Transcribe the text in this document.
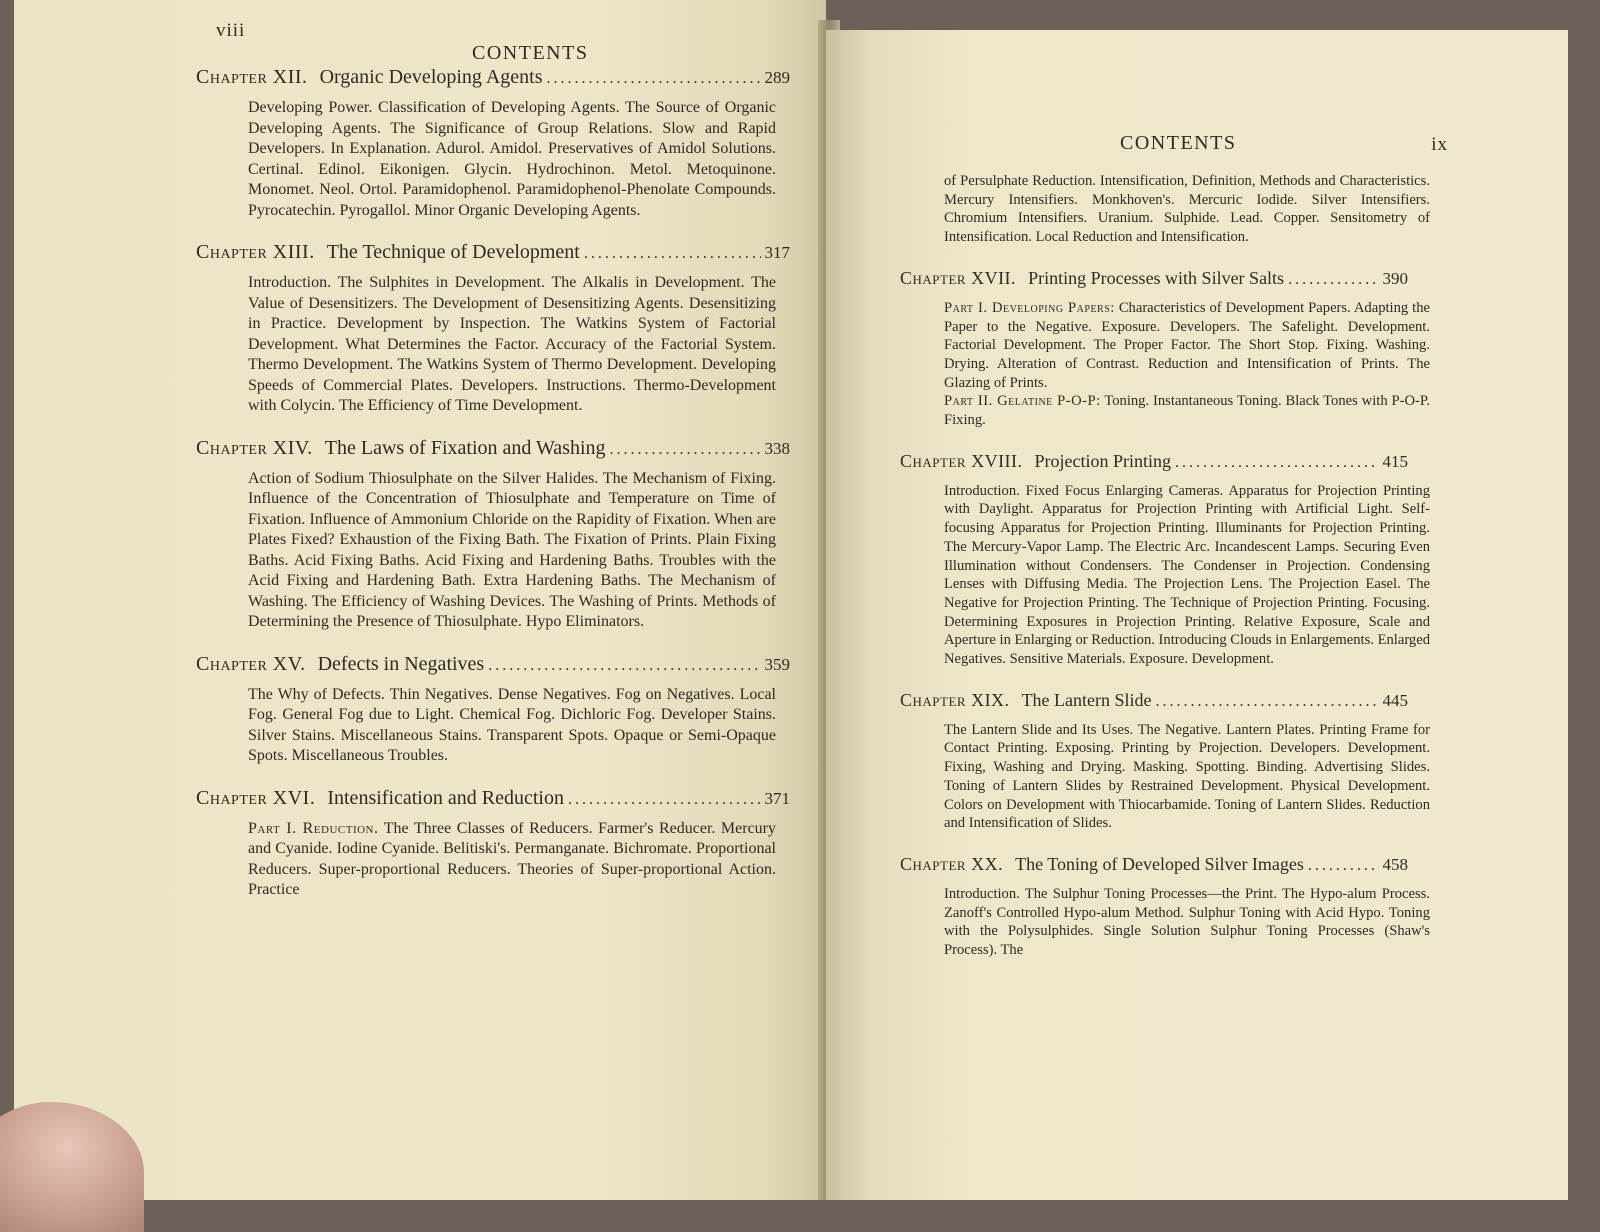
viii
CONTENTS
Chapter XII. Organic Developing Agents .....	289
Developing Power. Classification of Developing Agents. The Source of Organic Developing Agents. The Significance of Group Relations. Slow and Rapid Developers. In Explanation. Adurol. Amidol. Preservatives of Amidol Solutions. Certinal. Edinol. Eikonigen. Glycin. Hydrochinon. Metol. Metoquinone. Monomet. Neol. Ortol. Paramidophenol. Paramidophenol-Phenolate Compounds. Pyrocatechin. Pyrogallol. Minor Organic Developing Agents.
Chapter XIII. The Technique of Development .....	317
Introduction. The Sulphites in Development. The Alkalis in Development. The Value of Desensitizers. The Development of Desensitizing Agents. Desensitizing in Practice. Development by Inspection. The Watkins System of Factorial Development. What Determines the Factor. Accuracy of the Factorial System. Thermo Development. The Watkins System of Thermo Development. Developing Speeds of Commercial Plates. Developers. Instructions. Thermo-Development with Colycin. The Efficiency of Time Development.
Chapter XIV. The Laws of Fixation and Washing .....	338
Action of Sodium Thiosulphate on the Silver Halides. The Mechanism of Fixing. Influence of the Concentration of Thiosulphate and Temperature on Time of Fixation. Influence of Ammonium Chloride on the Rapidity of Fixation. When are Plates Fixed? Exhaustion of the Fixing Bath. The Fixation of Prints. Plain Fixing Baths. Acid Fixing Baths. Acid Fixing and Hardening Baths. Troubles with the Acid Fixing and Hardening Bath. Extra Hardening Baths. The Mechanism of Washing. The Efficiency of Washing Devices. The Washing of Prints. Methods of Determining the Presence of Thiosulphate. Hypo Eliminators.
Chapter XV. Defects in Negatives .....	359
The Why of Defects. Thin Negatives. Dense Negatives. Fog on Negatives. Local Fog. General Fog due to Light. Chemical Fog. Dichloric Fog. Developer Stains. Silver Stains. Miscellaneous Stains. Transparent Spots. Opaque or Semi-Opaque Spots. Miscellaneous Troubles.
Chapter XVI. Intensification and Reduction .....	371
Part I. Reduction. The Three Classes of Reducers. Farmer's Reducer. Mercury and Cyanide. Iodine Cyanide. Belitiski's. Permanganate. Bichromate. Proportional Reducers. Super-proportional Reducers. Theories of Super-proportional Action. Practice
CONTENTS	ix
of Persulphate Reduction. Intensification, Definition, Methods and Characteristics. Mercury Intensifiers. Monkhoven's. Mercuric Iodide. Silver Intensifiers. Chromium Intensifiers. Uranium. Sulphide. Lead. Copper. Sensitometry of Intensification. Local Reduction and Intensification.
Chapter XVII. Printing Processes with Silver Salts .....	390
Part I. Developing Papers: Characteristics of Development Papers. Adapting the Paper to the Negative. Exposure. Developers. The Safelight. Development. Factorial Development. The Proper Factor. The Short Stop. Fixing. Washing. Drying. Alteration of Contrast. Reduction and Intensification of Prints. The Glazing of Prints.
Part II. Gelatine P-O-P: Toning. Instantaneous Toning. Black Tones with P-O-P. Fixing.
Chapter XVIII. Projection Printing .....	415
Introduction. Fixed Focus Enlarging Cameras. Apparatus for Projection Printing with Daylight. Apparatus for Projection Printing with Artificial Light. Self-focusing Apparatus for Projection Printing. Illuminants for Projection Printing. The Mercury-Vapor Lamp. The Electric Arc. Incandescent Lamps. Securing Even Illumination without Condensers. The Condenser in Projection. Condensing Lenses with Diffusing Media. The Projection Lens. The Projection Easel. The Negative for Projection Printing. The Technique of Projection Printing. Focusing. Determining Exposures in Projection Printing. Relative Exposure, Scale and Aperture in Enlarging or Reduction. Introducing Clouds in Enlargements. Enlarged Negatives. Sensitive Materials. Exposure. Development.
Chapter XIX. The Lantern Slide .....	445
The Lantern Slide and Its Uses. The Negative. Lantern Plates. Printing Frame for Contact Printing. Exposing. Printing by Projection. Developers. Development. Fixing, Washing and Drying. Masking. Spotting. Binding. Advertising Slides. Toning of Lantern Slides by Restrained Development. Physical Development. Colors on Development with Thiocarbamide. Toning of Lantern Slides. Reduction and Intensification of Slides.
Chapter XX. The Toning of Developed Silver Images .....	458
Introduction. The Sulphur Toning Processes—the Print. The Hypo-alum Process. Zanoff's Controlled Hypo-alum Method. Sulphur Toning with Acid Hypo. Toning with the Polysulphides. Single Solution Sulphur Toning Processes (Shaw's Process). The
